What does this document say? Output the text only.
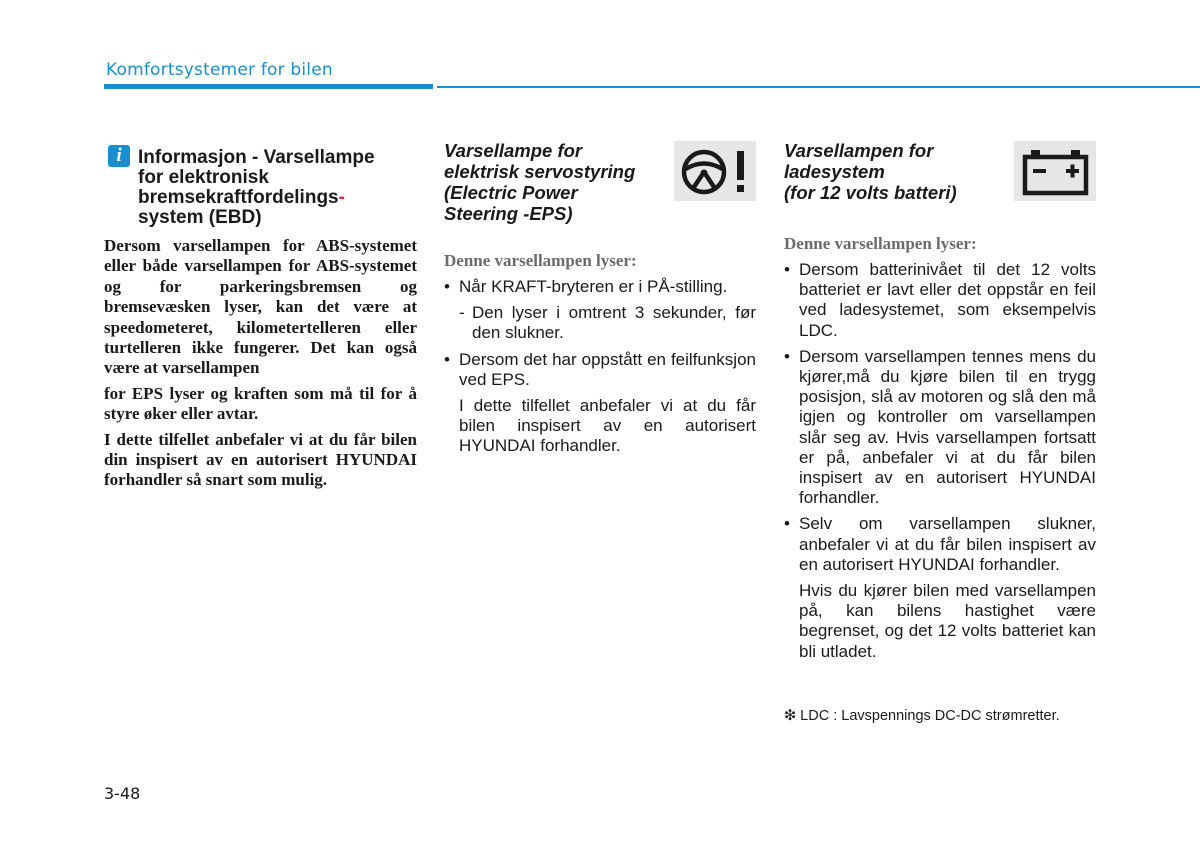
Komfortsystemer for bilen
i Informasjon - Varsellampe
for elektronisk
bremsekraftfordelings-
system (EBD)

Dersom varsellampen for ABS-systemet eller både varsellampen for ABS-systemet og for parkeringsbremsen og bremsevæsken lyser, kan det være at speedometeret, kilometertelleren eller turtelleren ikke fungerer. Det kan også være at varsellampen

for EPS lyser og kraften som må til for å styre øker eller avtar.

I dette tilfellet anbefaler vi at du får bilen din inspisert av en autorisert HYUNDAI forhandler så snart som mulig.

Varsellampe for
elektrisk servostyring
(Electric Power
Steering -EPS)
Denne varsellampen lyser:
• Når KRAFT-bryteren er i PÅ-stilling.
- Den lyser i omtrent 3 sekunder, før den slukner.
• Dersom det har oppstått en feilfunksjon ved EPS.
I dette tilfellet anbefaler vi at du får bilen inspisert av en autorisert HYUNDAI forhandler.
Varsellampen for
ladesystem
(for 12 volts batteri)
Denne varsellampen lyser:
• Dersom batterinivået til det 12 volts batteriet er lavt eller det oppstår en feil ved ladesystemet, som eksempelvis LDC.
• Dersom varsellampen tennes mens du kjører,må du kjøre bilen til en trygg posisjon, slå av motoren og slå den må igjen og kontroller om varsellampen slår seg av. Hvis varsellampen fortsatt er på, anbefaler vi at du får bilen inspisert av en autorisert HYUNDAI forhandler.
• Selv om varsellampen slukner, anbefaler vi at du får bilen inspisert av en autorisert HYUNDAI forhandler.
Hvis du kjører bilen med varsellampen på, kan bilens hastighet være begrenset, og det 12 volts batteriet kan bli utladet.
❇ LDC : Lavspennings DC-DC strømretter.
3-48
